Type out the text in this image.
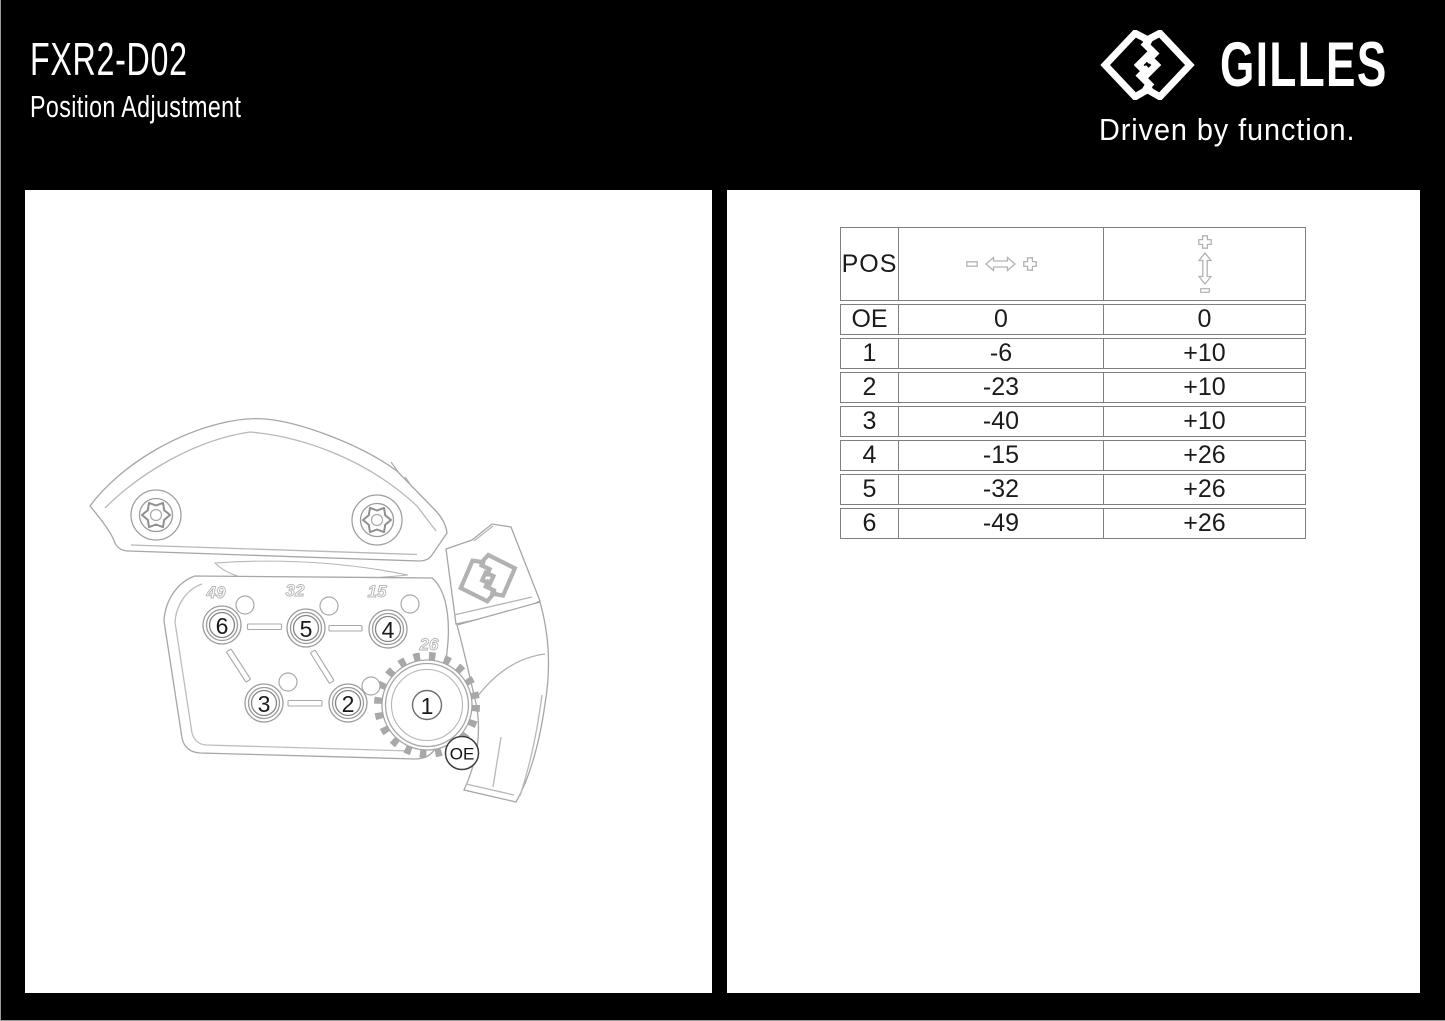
FXR2-D02
Position Adjustment
GILLES
Driven by function.
1
6	5	4
3	2
49	32	15
26
OE
POS	

OE	0	0
1	-6	+10
2	-23	+10
3	-40	+10
4	-15	+26
5	-32	+26
6	-49	+26
